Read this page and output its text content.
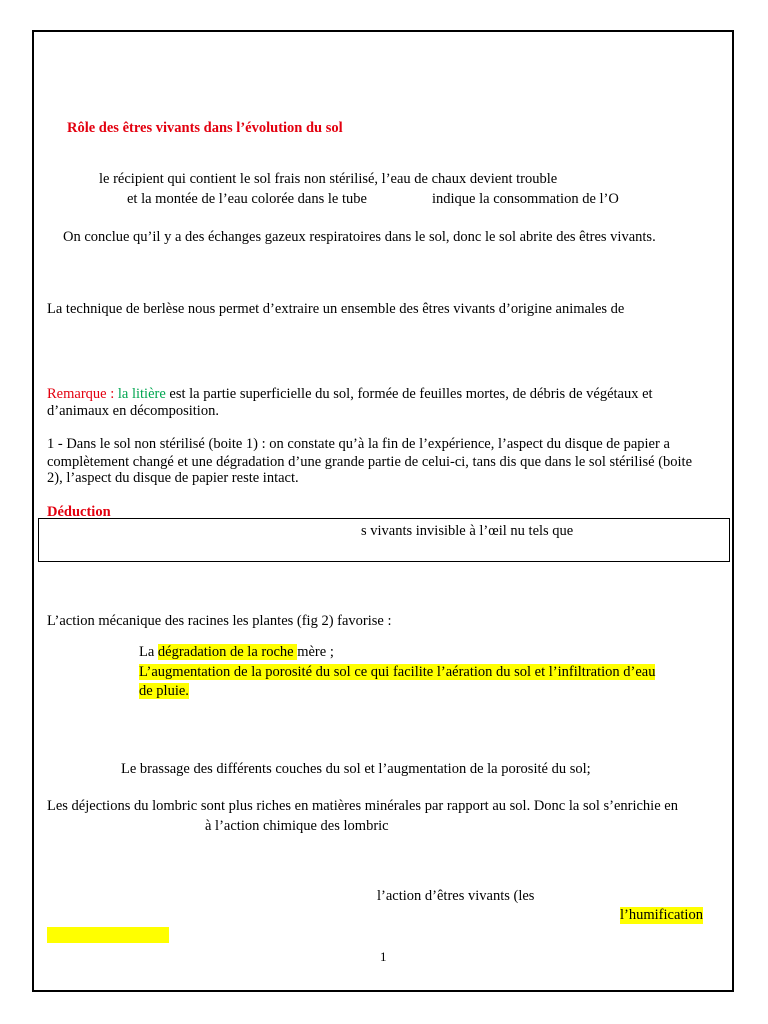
Rôle des êtres vivants dans l’évolution du sol
le récipient qui contient le sol frais non stérilisé, l’eau de chaux devient trouble
et la montée de l’eau colorée dans le tube	indique la consommation de l’O
On conclue qu’il y a des échanges gazeux respiratoires dans le sol, donc le sol abrite des êtres vivants.
La technique de berlèse nous permet d’extraire un ensemble des êtres vivants d’origine animales de
Remarque : la litière est la partie superficielle du sol, formée de feuilles mortes, de débris de végétaux et
d’animaux en décomposition.
1 - Dans le sol non stérilisé (boite 1) : on constate qu’à la fin de l’expérience, l’aspect du disque de papier a
complètement changé et une dégradation d’une grande partie de celui-ci, tans dis que dans le sol stérilisé (boite
2), l’aspect du disque de papier reste intact.
Déduction
s vivants invisible à l’œil nu tels que
L’action mécanique des racines les plantes (fig 2) favorise :
La dégradation de la roche mère ;
L’augmentation de la porosité du sol ce qui facilite l’aération du sol et l’infiltration d’eau
de pluie.
Le brassage des différents couches du sol et l’augmentation de la porosité du sol;
Les déjections du lombric sont plus riches en matières minérales par rapport au sol. Donc la sol s’enrichie en
à l’action chimique des lombric
l’action d’êtres vivants (les
l’humification
1
